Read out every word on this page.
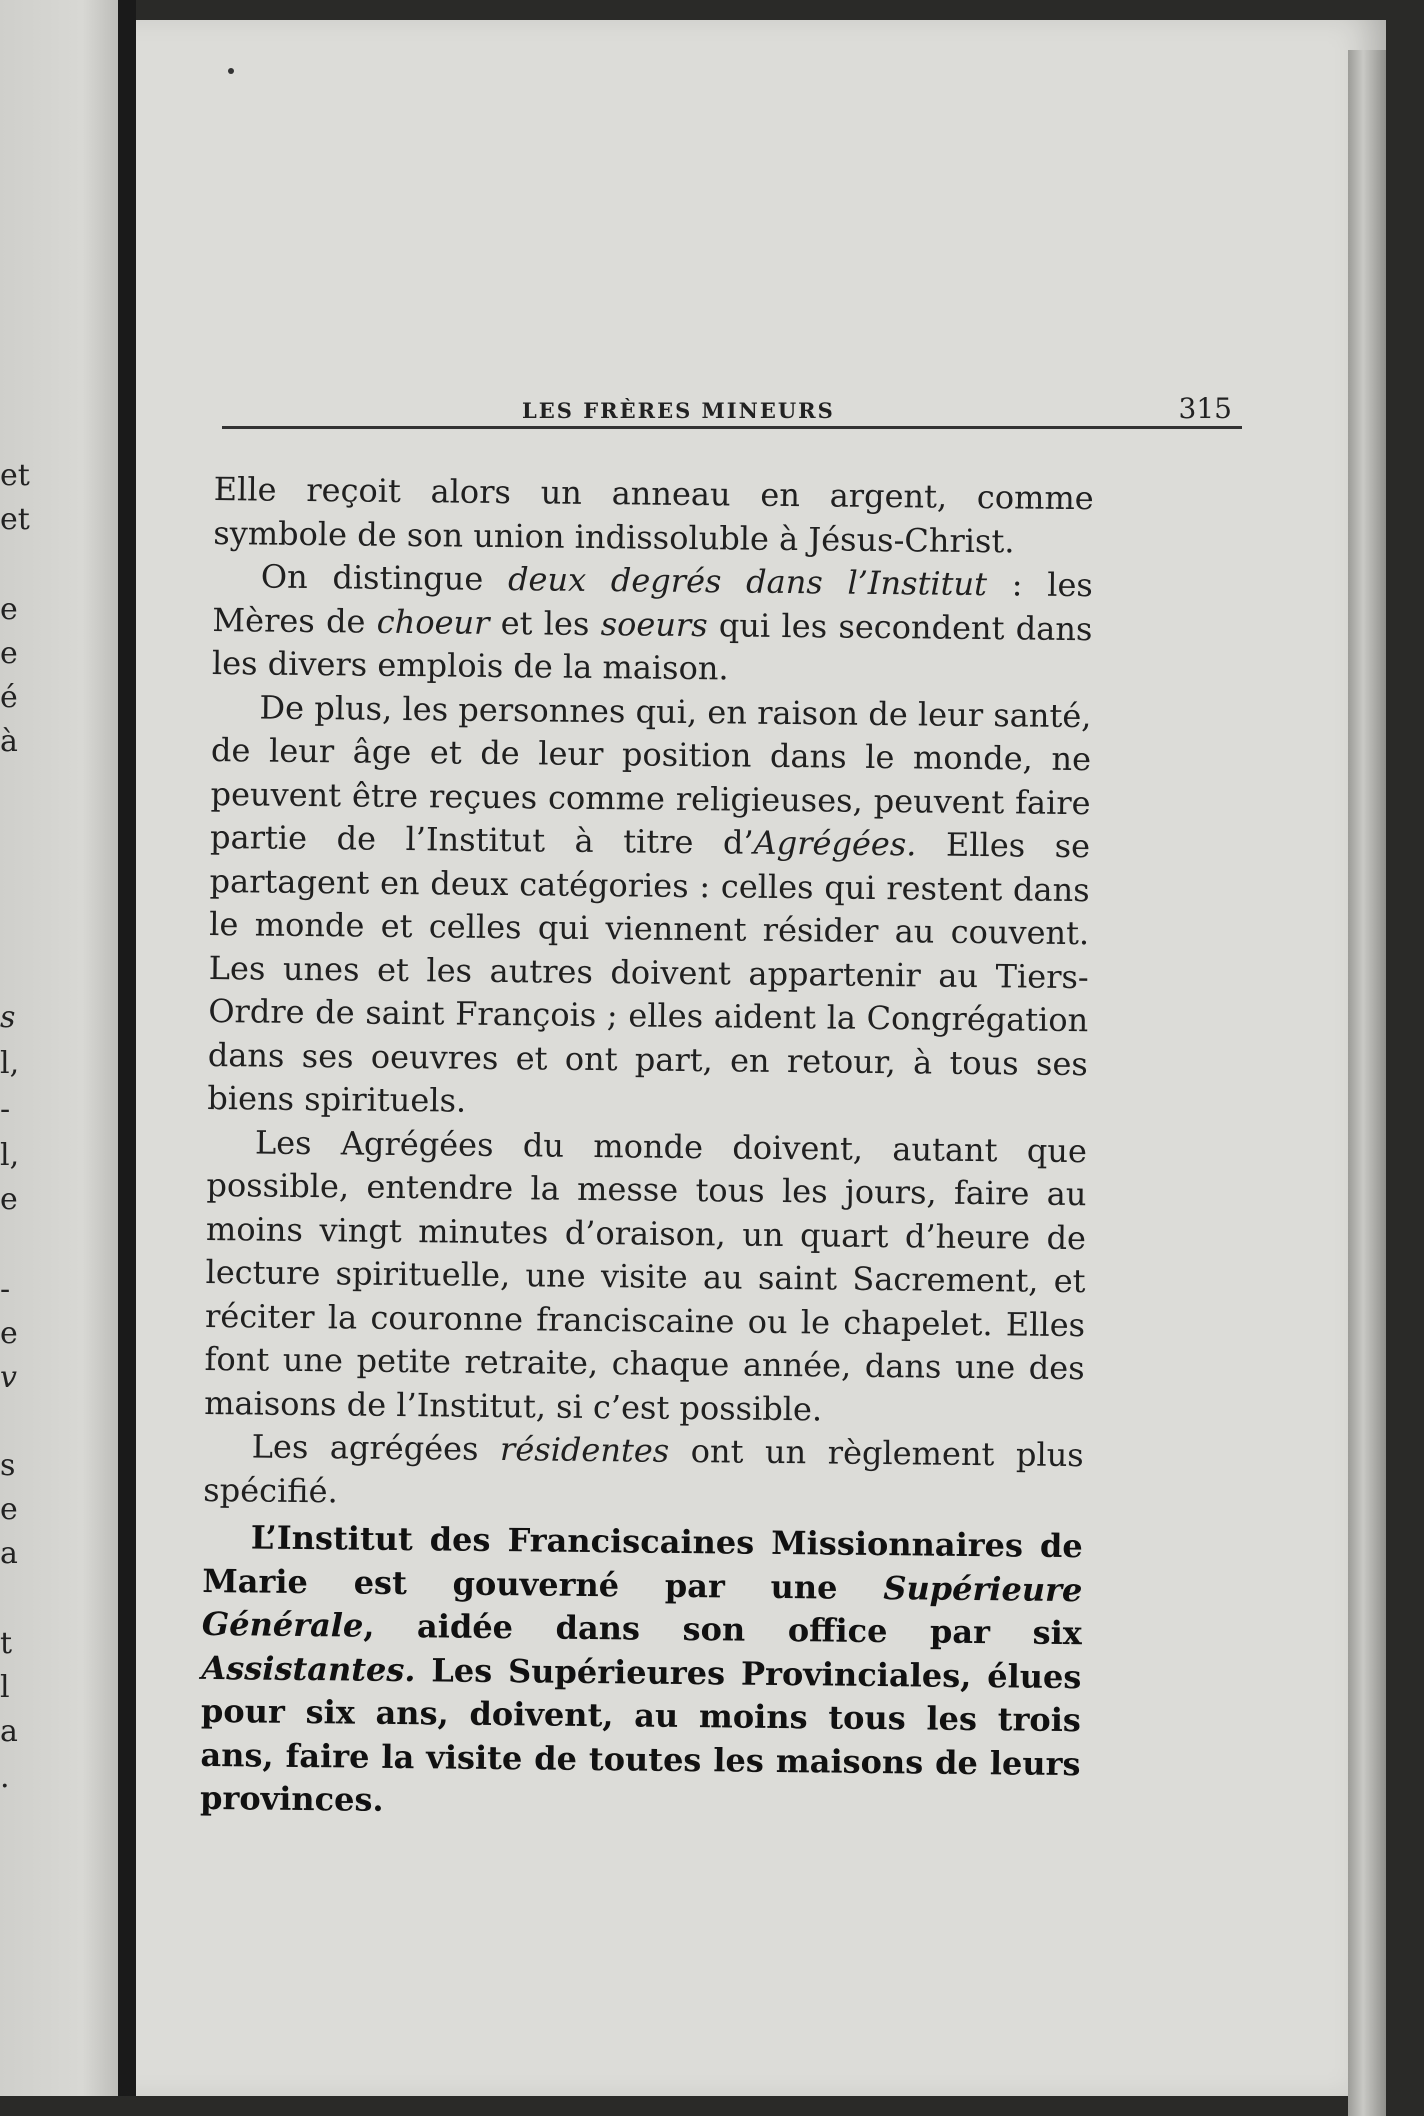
et
et
e
e
é
à
s
l,
-
l,
e
-
e
v
s
e
a
t
l
a
.
LES FRÈRES MINEURS	315

Elle reçoit alors un anneau en argent, comme symbole de son union indissoluble à Jésus-Christ.

On distingue deux degrés dans l’Institut : les Mères de choeur et les soeurs qui les secondent dans les divers emplois de la maison.

De plus, les personnes qui, en raison de leur santé, de leur âge et de leur position dans le monde, ne peuvent être reçues comme religieuses, peuvent faire partie de l’Institut à titre d’Agrégées. Elles se partagent en deux catégories : celles qui restent dans le monde et celles qui viennent résider au couvent. Les unes et les autres doivent appartenir au Tiers-Ordre de saint François ; elles aident la Congrégation dans ses oeuvres et ont part, en retour, à tous ses biens spirituels.

Les Agrégées du monde doivent, autant que possible, entendre la messe tous les jours, faire au moins vingt minutes d’oraison, un quart d’heure de lecture spirituelle, une visite au saint Sacrement, et réciter la couronne franciscaine ou le chapelet. Elles font une petite retraite, chaque année, dans une des maisons de l’Institut, si c’est possible.

Les agrégées résidentes ont un règlement plus spécifié.

L’Institut des Franciscaines Missionnaires de Marie est gouverné par une Supérieure Générale, aidée dans son office par six Assistantes. Les Supérieures Provinciales, élues pour six ans, doivent, au moins tous les trois ans, faire la visite de toutes les maisons de leurs provinces.
